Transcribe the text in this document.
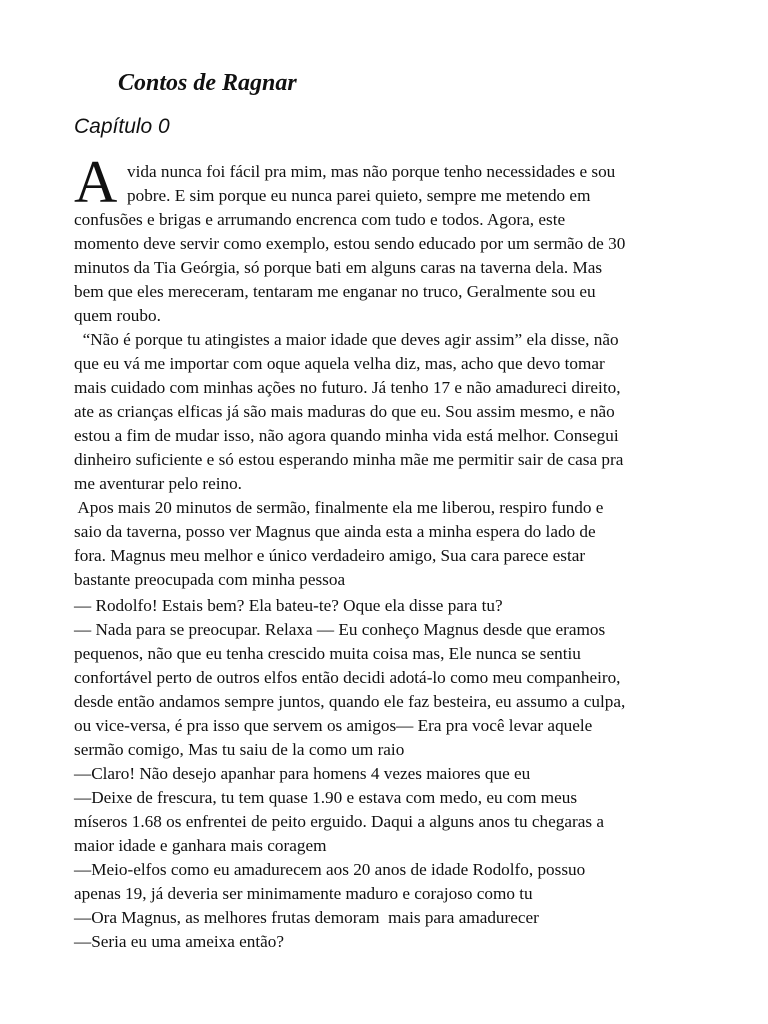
Contos de Ragnar
Capítulo 0
A vida nunca foi fácil pra mim, mas não porque tenho necessidades e sou

pobre. E sim porque eu nunca parei quieto, sempre me metendo em

confusões e brigas e arrumando encrenca com tudo e todos. Agora, este

momento deve servir como exemplo, estou sendo educado por um sermão de 30

minutos da Tia Geórgia, só porque bati em alguns caras na taverna dela. Mas

bem que eles mereceram, tentaram me enganar no truco, Geralmente sou eu

quem roubo.

“Não é porque tu atingistes a maior idade que deves agir assim” ela disse, não

que eu vá me importar com oque aquela velha diz, mas, acho que devo tomar

mais cuidado com minhas ações no futuro. Já tenho 17 e não amadureci direito,

ate as crianças elficas já são mais maduras do que eu. Sou assim mesmo, e não

estou a fim de mudar isso, não agora quando minha vida está melhor. Consegui

dinheiro suficiente e só estou esperando minha mãe me permitir sair de casa pra

me aventurar pelo reino.

Apos mais 20 minutos de sermão, finalmente ela me liberou, respiro fundo e

saio da taverna, posso ver Magnus que ainda esta a minha espera do lado de

fora. Magnus meu melhor e único verdadeiro amigo, Sua cara parece estar

bastante preocupada com minha pessoa

— Rodolfo! Estais bem? Ela bateu-te? Oque ela disse para tu?

— Nada para se preocupar. Relaxa — Eu conheço Magnus desde que eramos

pequenos, não que eu tenha crescido muita coisa mas, Ele nunca se sentiu

confortável perto de outros elfos então decidi adotá-lo como meu companheiro,

desde então andamos sempre juntos, quando ele faz besteira, eu assumo a culpa,

ou vice-versa, é pra isso que servem os amigos— Era pra você levar aquele

sermão comigo, Mas tu saiu de la como um raio

—Claro! Não desejo apanhar para homens 4 vezes maiores que eu

—Deixe de frescura, tu tem quase 1.90 e estava com medo, eu com meus

míseros 1.68 os enfrentei de peito erguido. Daqui a alguns anos tu chegaras a

maior idade e ganhara mais coragem

—Meio-elfos como eu amadurecem aos 20 anos de idade Rodolfo, possuo

apenas 19, já deveria ser minimamente maduro e corajoso como tu

—Ora Magnus, as melhores frutas demoram  mais para amadurecer

—Seria eu uma ameixa então?
